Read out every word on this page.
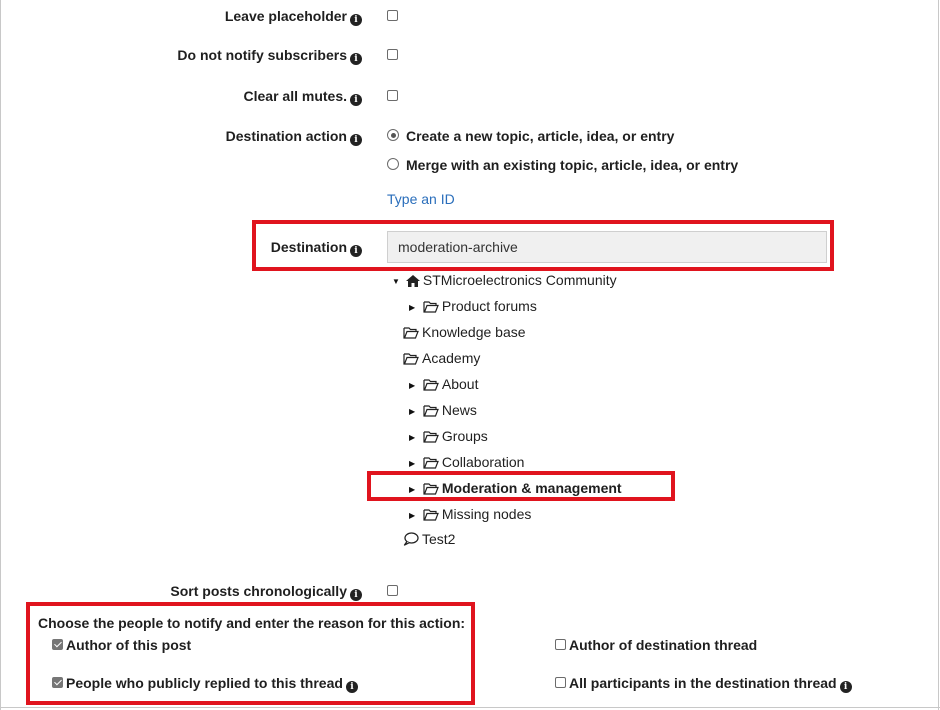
Leave placeholder i
Do not notify subscribers i
Clear all mutes. i
Destination action i	Create a new topic, article, idea, or entry
Merge with an existing topic, article, idea, or entry
Type an ID
Destination i
moderation-archive
▼ STMicroelectronics Community
▶ Product forums
Knowledge base
Academy
▶ About
▶ News
▶ Groups
▶ Collaboration
▶ Moderation & management
▶ Missing nodes
Test2
Sort posts chronologically i
Choose the people to notify and enter the reason for this action:
Author of this post
People who publicly replied to this thread i
Author of destination thread
All participants in the destination thread i
